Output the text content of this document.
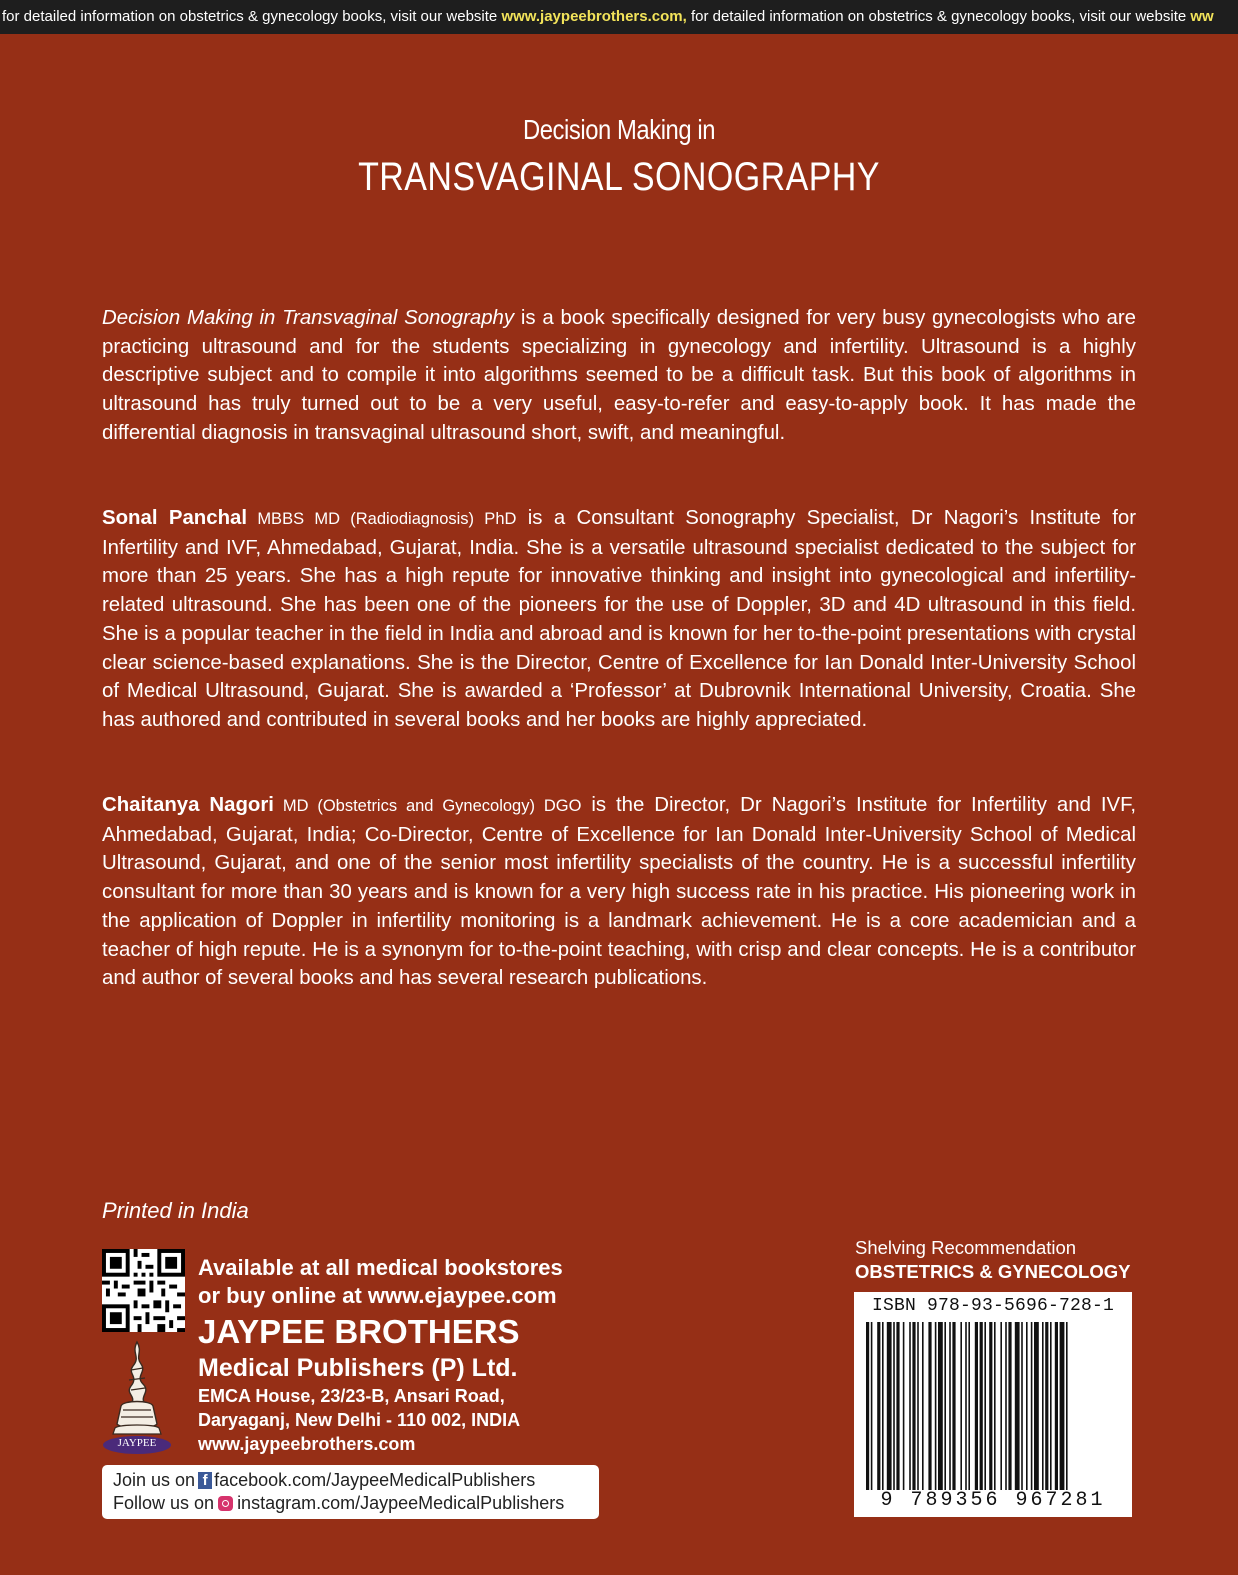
for detailed information on obstetrics & gynecology books, visit our website www.jaypeebrothers.com, for detailed information on obstetrics & gynecology books, visit our website ww
Decision Making in
TRANSVAGINAL SONOGRAPHY
Decision Making in Transvaginal Sonography is a book specifically designed for very busy gynecologists who are practicing ultrasound and for the students specializing in gynecology and infertility. Ultrasound is a highly descriptive subject and to compile it into algorithms seemed to be a difficult task. But this book of algorithms in ultrasound has truly turned out to be a very useful, easy-to-refer and easy-to-apply book. It has made the differential diagnosis in transvaginal ultrasound short, swift, and meaningful.
Sonal Panchal MBBS MD (Radiodiagnosis) PhD is a Consultant Sonography Specialist, Dr Nagori’s Institute for Infertility and IVF, Ahmedabad, Gujarat, India. She is a versatile ultrasound specialist dedicated to the subject for more than 25 years. She has a high repute for innovative thinking and insight into gynecological and infertility-related ultrasound. She has been one of the pioneers for the use of Doppler, 3D and 4D ultrasound in this field. She is a popular teacher in the field in India and abroad and is known for her to-the-point presentations with crystal clear science-based explanations. She is the Director, Centre of Excellence for Ian Donald Inter-University School of Medical Ultrasound, Gujarat. She is awarded a ‘Professor’ at Dubrovnik International University, Croatia. She has authored and contributed in several books and her books are highly appreciated.
Chaitanya Nagori MD (Obstetrics and Gynecology) DGO is the Director, Dr Nagori’s Institute for Infertility and IVF, Ahmedabad, Gujarat, India; Co-Director, Centre of Excellence for Ian Donald Inter-University School of Medical Ultrasound, Gujarat, and one of the senior most infertility specialists of the country. He is a successful infertility consultant for more than 30 years and is known for a very high success rate in his practice. His pioneering work in the application of Doppler in infertility monitoring is a landmark achievement. He is a core academician and a teacher of high repute. He is a synonym for to-the-point teaching, with crisp and clear concepts. He is a contributor and author of several books and has several research publications.
Printed in India
Available at all medical bookstores
or buy online at www.ejaypee.com
JAYPEE
JAYPEE BROTHERS
Medical Publishers (P) Ltd.
EMCA House, 23/23-B, Ansari Road,
Daryaganj, New Delhi - 110 002, INDIA
www.jaypeebrothers.com
Join us on f facebook.com/JaypeeMedicalPublishers
Follow us on instagram.com/JaypeeMedicalPublishers
Shelving Recommendation
OBSTETRICS & GYNECOLOGY
ISBN 978-93-5696-728-1
9 789356 967281
